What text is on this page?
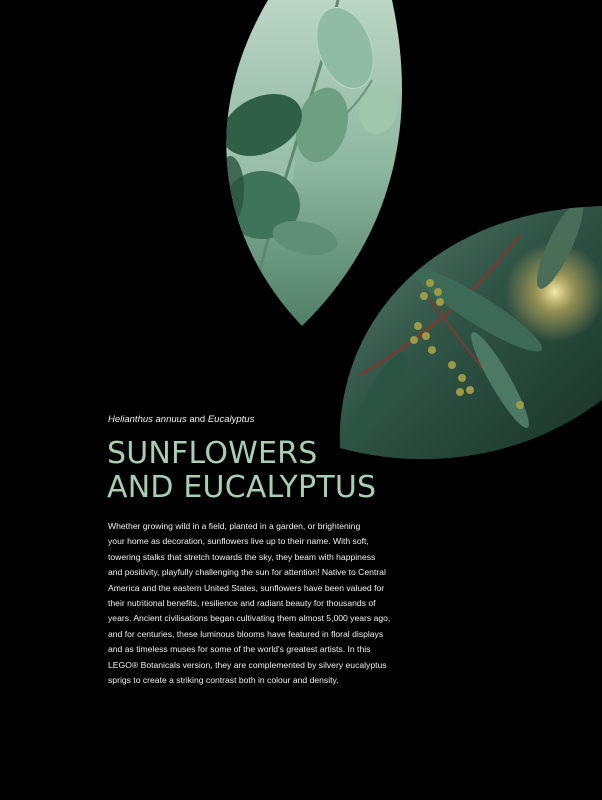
Helianthus annuus and Eucalyptus
SUNFLOWERS
AND EUCALYPTUS
Whether growing wild in a field, planted in a garden, or brightening
your home as decoration, sunflowers live up to their name. With soft,
towering stalks that stretch towards the sky, they beam with happiness
and positivity, playfully challenging the sun for attention! Native to Central
America and the eastern United States, sunflowers have been valued for
their nutritional benefits, resilience and radiant beauty for thousands of
years. Ancient civilisations began cultivating them almost 5,000 years ago,
and for centuries, these luminous blooms have featured in floral displays
and as timeless muses for some of the world's greatest artists. In this
LEGO® Botanicals version, they are complemented by silvery eucalyptus
sprigs to create a striking contrast both in colour and density.
